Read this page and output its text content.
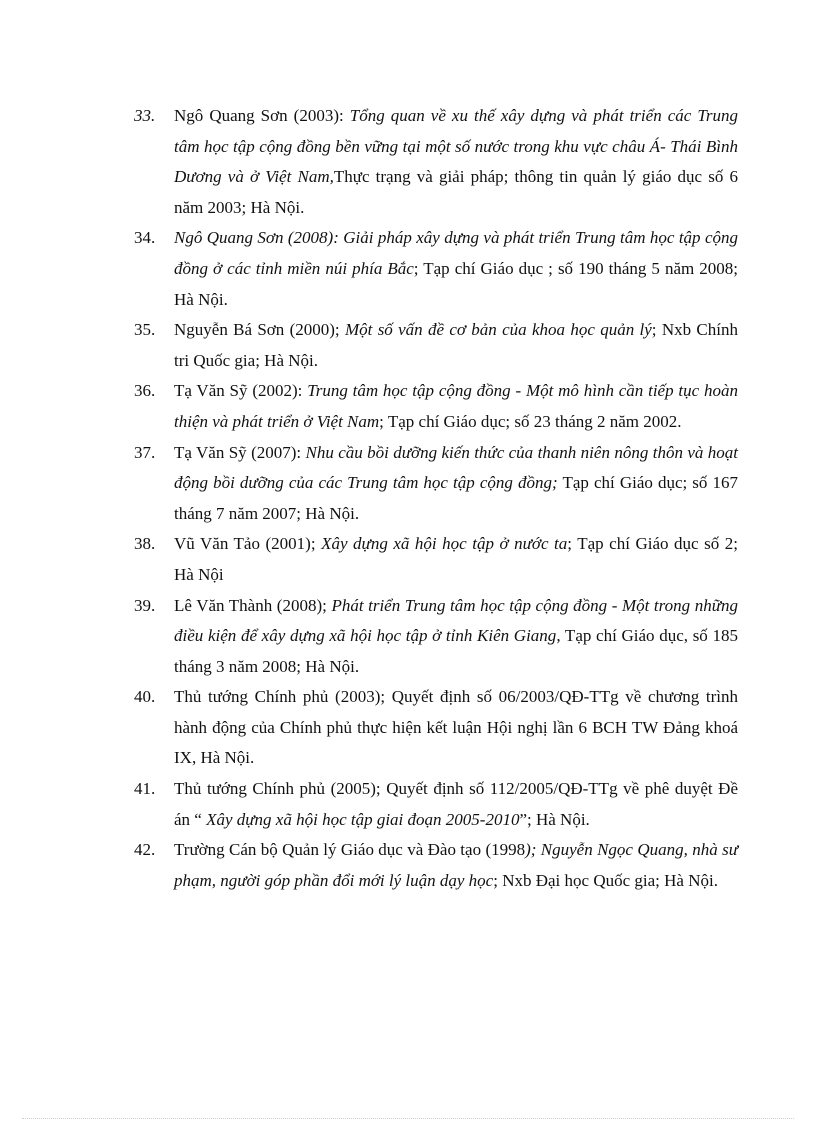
33. Ngô Quang Sơn (2003): Tổng quan về xu thế xây dựng và phát triển các Trung tâm học tập cộng đồng bền vững tại một số nước trong khu vực châu Á- Thái Bình Dương và ở Việt Nam,Thực trạng và giải pháp; thông tin quản lý giáo dục số 6 năm 2003; Hà Nội.
34. Ngô Quang Sơn (2008): Giải pháp xây dựng và phát triển Trung tâm học tập cộng đồng ở các tỉnh miền núi phía Bắc; Tạp chí Giáo dục ; số 190 tháng 5 năm 2008; Hà Nội.
35. Nguyễn Bá Sơn (2000); Một số vấn đề cơ bản của khoa học quản lý; Nxb Chính tri Quốc gia; Hà Nội.
36. Tạ Văn Sỹ (2002): Trung tâm học tập cộng đồng - Một mô hình cần tiếp tục hoàn thiện và phát triển ở Việt Nam; Tạp chí Giáo dục; số 23 tháng 2 năm 2002.
37. Tạ Văn Sỹ (2007): Nhu cầu bồi dưỡng kiến thức của thanh niên nông thôn và hoạt động bồi dưỡng của các Trung tâm học tập cộng đồng; Tạp chí Giáo dục; số 167 tháng 7 năm 2007; Hà Nội.
38. Vũ Văn Tảo (2001); Xây dựng xã hội học tập ở nước ta; Tạp chí Giáo dục số 2; Hà Nội
39. Lê Văn Thành (2008); Phát triển Trung tâm học tập cộng đồng - Một trong những điều kiện để xây dựng xã hội học tập ở tỉnh Kiên Giang, Tạp chí Giáo dục, số 185 tháng 3 năm 2008; Hà Nội.
40. Thủ tướng Chính phủ (2003); Quyết định số 06/2003/QĐ-TTg về chương trình hành động của Chính phủ thực hiện kết luận Hội nghị lần 6 BCH TW Đảng khoá IX, Hà Nội.
41. Thủ tướng Chính phủ (2005); Quyết định số 112/2005/QĐ-TTg về phê duyệt Đề án “ Xây dựng xã hội học tập giai đoạn 2005-2010”; Hà Nội.
42. Trường Cán bộ Quản lý Giáo dục và Đào tạo (1998); Nguyễn Ngọc Quang, nhà sư phạm, người góp phần đổi mới lý luận dạy học; Nxb Đại học Quốc gia; Hà Nội.
